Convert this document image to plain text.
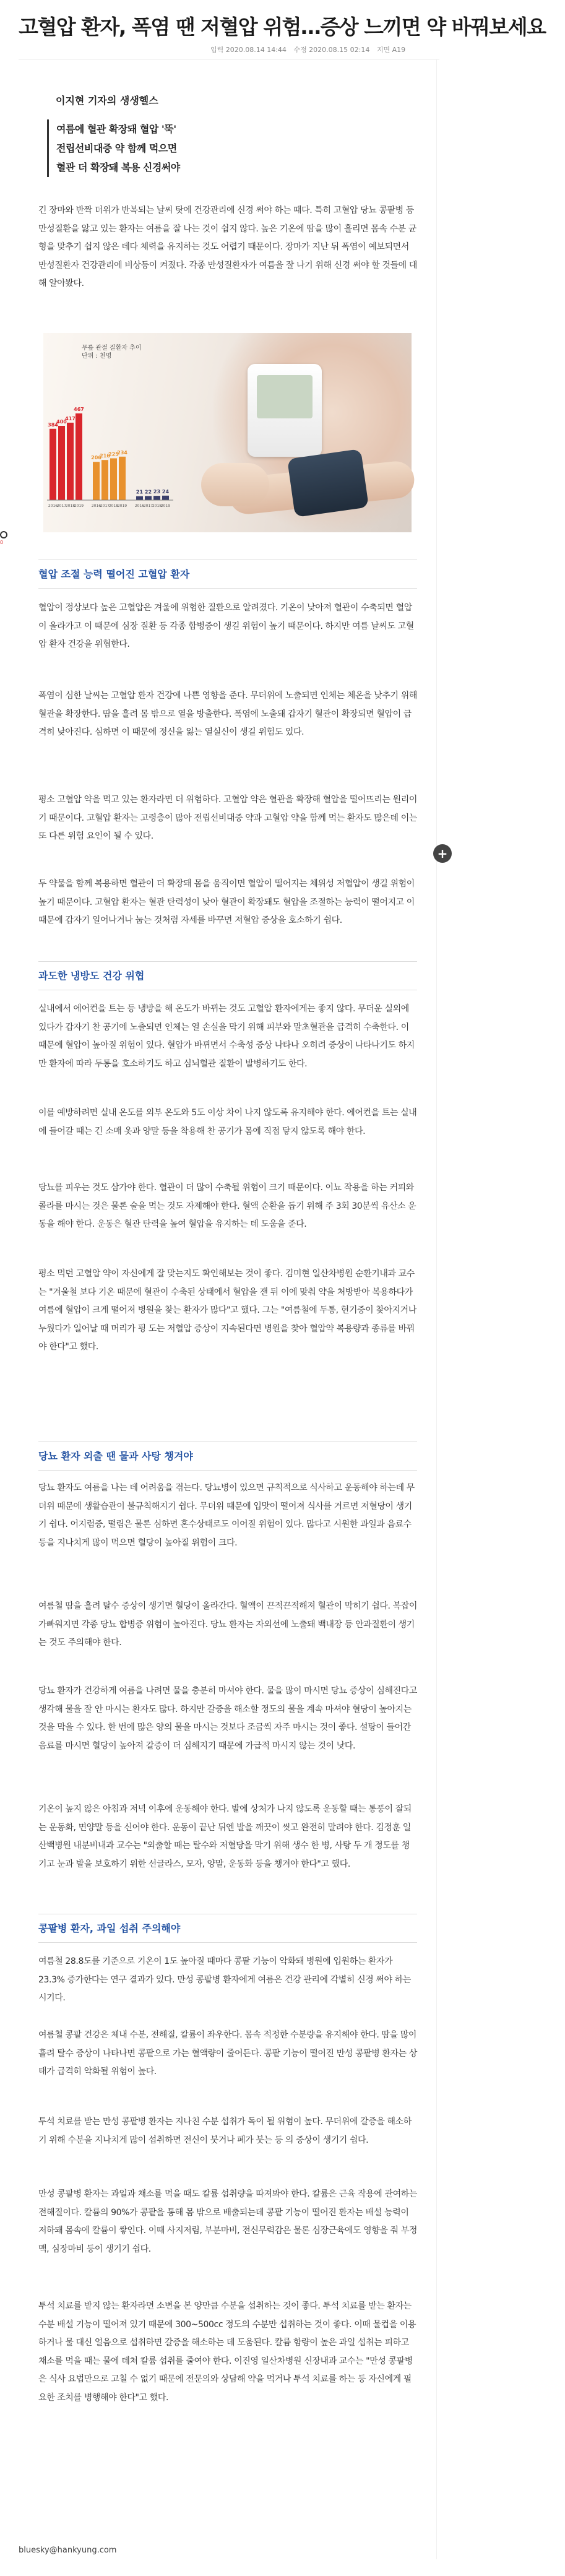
고혈압 환자, 폭염 땐 저혈압 위험…증상 느끼면 약 바꿔보세요
입력 2020.08.14 14:44 수정 2020.08.15 02:14 지면 A19
이지현 기자의 생생헬스
여름에 혈관 확장돼 혈압 '뚝'
전립선비대증 약 함께 먹으면
혈관 더 확장돼 복용 신경써야
긴 장마와 반짝 더위가 반복되는 날씨 탓에 건강관리에 신경 써야 하는 때다. 특히 고혈압 당뇨 콩팥병 등 만성질환을 앓고 있는 환자는 여름을 잘 나는 것이 쉽지 않다. 높은 기온에 땀을 많이 흘리면 몸속 수분 균형을 맞추기 쉽지 않은 데다 체력을 유지하는 것도 어렵기 때문이다. 장마가 지난 뒤 폭염이 예보되면서 만성질환자 건강관리에 비상등이 켜졌다. 각종 만성질환자가 여름을 잘 나기 위해 신경 써야 할 것들에 대해 알아봤다.
384
2016
400
2017
417
2018
467
2019
206
2016
216
2017
225
2018
234
2019
21
2016
22
2017
23
2018
24
2019
무릎 관절 질환자 추이
단위 : 천명
+
0
혈압 조절 능력 떨어진 고혈압 환자
혈압이 정상보다 높은 고혈압은 겨울에 위험한 질환으로 알려졌다. 기온이 낮아져 혈관이 수축되면 혈압이 올라가고 이 때문에 심장 질환 등 각종 합병증이 생길 위험이 높기 때문이다. 하지만 여름 날씨도 고혈압 환자 건강을 위협한다.
폭염이 심한 날씨는 고혈압 환자 건강에 나쁜 영향을 준다. 무더위에 노출되면 인체는 체온을 낮추기 위해 혈관을 확장한다. 땀을 흘려 몸 밖으로 열을 방출한다. 폭염에 노출돼 갑자기 혈관이 확장되면 혈압이 급격히 낮아진다. 심하면 이 때문에 정신을 잃는 열실신이 생길 위험도 있다.
평소 고혈압 약을 먹고 있는 환자라면 더 위험하다. 고혈압 약은 혈관을 확장해 혈압을 떨어뜨리는 원리이기 때문이다. 고혈압 환자는 고령층이 많아 전립선비대증 약과 고혈압 약을 함께 먹는 환자도 많은데 이는 또 다른 위험 요인이 될 수 있다.
두 약물을 함께 복용하면 혈관이 더 확장돼 몸을 움직이면 혈압이 떨어지는 체위성 저혈압이 생길 위험이 높기 때문이다. 고혈압 환자는 혈관 탄력성이 낮아 혈관이 확장돼도 혈압을 조절하는 능력이 떨어지고 이 때문에 갑자기 일어나거나 눕는 것처럼 자세를 바꾸면 저혈압 증상을 호소하기 쉽다.
과도한 냉방도 건강 위협
실내에서 에어컨을 트는 등 냉방을 해 온도가 바뀌는 것도 고혈압 환자에게는 좋지 않다. 무더운 실외에 있다가 갑자기 찬 공기에 노출되면 인체는 열 손실을 막기 위해 피부와 말초혈관을 급격히 수축한다. 이 때문에 혈압이 높아질 위험이 있다. 혈압가 바뀌면서 수축성 증상 나타나 오히려 증상이 나타나기도 하지만 환자에 따라 두통을 호소하기도 하고 심뇌혈관 질환이 발병하기도 한다.
이를 예방하려면 실내 온도를 외부 온도와 5도 이상 차이 나지 않도록 유지해야 한다. 에어컨을 트는 실내에 들어갈 때는 긴 소매 옷과 양말 등을 착용해 찬 공기가 몸에 직접 닿지 않도록 해야 한다.
당뇨를 피우는 것도 삼가야 한다. 혈관이 더 많이 수축될 위험이 크기 때문이다. 이뇨 작용을 하는 커피와 콜라를 마시는 것은 물론 술을 먹는 것도 자제해야 한다. 혈액 순환을 돕기 위해 주 3회 30분씩 유산소 운동을 해야 한다. 운동은 혈관 탄력을 높여 혈압을 유지하는 데 도움을 준다.
평소 먹던 고혈압 약이 자신에게 잘 맞는지도 확인해보는 것이 좋다. 김미현 일산차병원 순환기내과 교수는 "겨울철 보다 기온 때문에 혈관이 수축된 상태에서 혈압을 잰 뒤 이에 맞춰 약을 처방받아 복용하다가 여름에 혈압이 크게 떨어져 병원을 찾는 환자가 많다"고 했다. 그는 "여름철에 두통, 현기증이 찾아지거나 누웠다가 일어날 때 머리가 핑 도는 저혈압 증상이 지속된다면 병원을 찾아 혈압약 복용량과 종류를 바꿔야 한다"고 했다.
당뇨 환자 외출 땐 물과 사탕 챙겨야
당뇨 환자도 여름을 나는 데 어려움을 겪는다. 당뇨병이 있으면 규칙적으로 식사하고 운동해야 하는데 무더위 때문에 생활습관이 불규칙해지기 쉽다. 무더위 때문에 입맛이 떨어져 식사를 거르면 저혈당이 생기기 쉽다. 어지럼증, 떨림은 물론 심하면 혼수상태로도 이어질 위험이 있다. 많다고 시원한 과일과 음료수 등을 지나치게 많이 먹으면 혈당이 높아질 위험이 크다.
여름철 땀을 흘려 탈수 증상이 생기면 혈당이 올라간다. 혈액이 끈적끈적해져 혈관이 막히기 쉽다. 복잡이 가빠워지면 각종 당뇨 합병증 위험이 높아진다. 당뇨 환자는 자외선에 노출돼 백내장 등 안과질환이 생기는 것도 주의해야 한다.
당뇨 환자가 건강하게 여름을 나려면 물을 충분히 마셔야 한다. 물을 많이 마시면 당뇨 증상이 심해진다고 생각해 물을 잘 안 마시는 환자도 많다. 하지만 갈증을 해소할 정도의 물을 계속 마셔야 혈당이 높아지는 것을 막을 수 있다. 한 번에 많은 양의 물을 마시는 것보다 조금씩 자주 마시는 것이 좋다. 설탕이 들어간 음료를 마시면 혈당이 높아져 갈증이 더 심해지기 때문에 가급적 마시지 않는 것이 낫다.
기온이 높지 않은 아침과 저녁 이후에 운동해야 한다. 발에 상처가 나지 않도록 운동할 때는 통풍이 잘되는 운동화, 면양말 등을 신어야 한다. 운동이 끝난 뒤엔 발을 깨끗이 씻고 완전히 말려야 한다. 김정훈 일산백병원 내분비내과 교수는 "외출할 때는 탈수와 저혈당을 막기 위해 생수 한 병, 사탕 두 개 정도를 챙기고 눈과 발을 보호하기 위한 선글라스, 모자, 양말, 운동화 등을 챙겨야 한다"고 했다.
콩팥병 환자, 과일 섭취 주의해야
여름철 28.8도를 기준으로 기온이 1도 높아질 때마다 콩팥 기능이 악화돼 병원에 입원하는 환자가 23.3% 증가한다는 연구 결과가 있다. 만성 콩팥병 환자에게 여름은 건강 관리에 각별히 신경 써야 하는 시기다.
여름철 콩팥 건강은 체내 수분, 전해질, 칼륨이 좌우한다. 몸속 적정한 수분량을 유지해야 한다. 땀을 많이 흘려 탈수 증상이 나타나면 콩팥으로 가는 혈액량이 줄어든다. 콩팥 기능이 떨어진 만성 콩팥병 환자는 상태가 급격히 악화될 위험이 높다.
투석 치료를 받는 만성 콩팥병 환자는 지나친 수분 섭취가 독이 될 위험이 높다. 무더위에 갈증을 해소하기 위해 수분을 지나치게 많이 섭취하면 전신이 붓거나 폐가 붓는 등 의 증상이 생기기 쉽다.
만성 콩팥병 환자는 과일과 채소를 먹을 때도 칼륨 섭취량을 따져봐야 한다. 칼륨은 근육 작용에 관여하는 전해질이다. 칼륨의 90%가 콩팥을 통해 몸 밖으로 배출되는데 콩팥 기능이 떨어진 환자는 배설 능력이 저하돼 몸속에 칼륨이 쌓인다. 이때 사지저림, 부분마비, 전신무력감은 물론 심장근육에도 영향을 줘 부정맥, 심장마비 등이 생기기 쉽다.
투석 치료를 받지 않는 환자라면 소변을 본 양만큼 수분을 섭취하는 것이 좋다. 투석 치료를 받는 환자는 수분 배설 기능이 떨어져 있기 때문에 300~500cc 정도의 수분만 섭취하는 것이 좋다. 이때 물컵을 이용하거나 물 대신 얼음으로 섭취하면 갈증을 해소하는 데 도움된다. 칼륨 함량이 높은 과일 섭취는 피하고 채소를 먹을 때는 물에 데쳐 칼륨 섭취를 줄여야 한다. 이진영 일산차병원 신장내과 교수는 "만성 콩팥병은 식사 요법만으로 고칠 수 없기 때문에 전문의와 상담해 약을 먹거나 투석 치료를 하는 등 자신에게 필요한 조치를 병행해야 한다"고 했다.
bluesky@hankyung.com
